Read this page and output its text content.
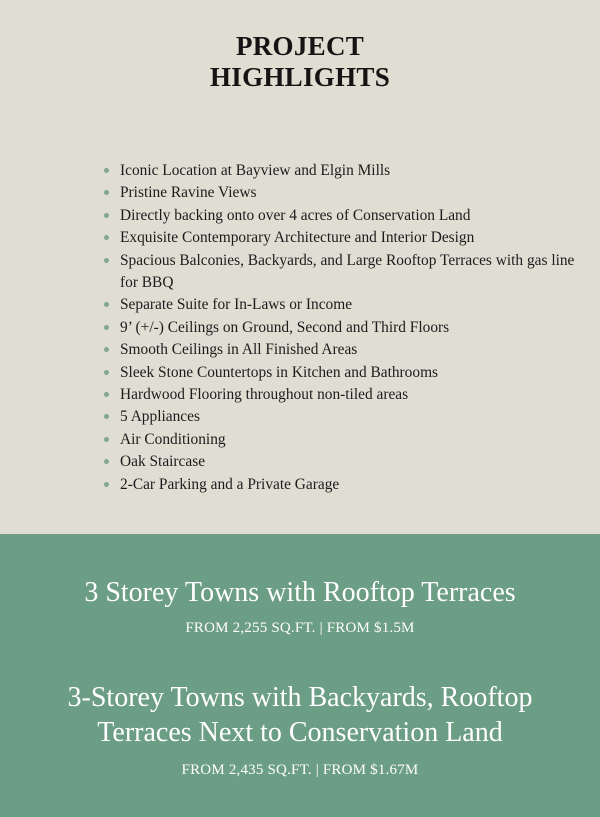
PROJECT
HIGHLIGHTS
Iconic Location at Bayview and Elgin Mills
Pristine Ravine Views
Directly backing onto over 4 acres of Conservation Land
Exquisite Contemporary Architecture and Interior Design
Spacious Balconies, Backyards, and Large Rooftop Terraces with gas line for BBQ
Separate Suite for In-Laws or Income
9’ (+/-) Ceilings on Ground, Second and Third Floors
Smooth Ceilings in All Finished Areas
Sleek Stone Countertops in Kitchen and Bathrooms
Hardwood Flooring throughout non-tiled areas
5 Appliances
Air Conditioning
Oak Staircase
2-Car Parking and a Private Garage
3 Storey Towns with Rooftop Terraces
FROM 2,255 SQ.FT. | FROM $1.5M
3-Storey Towns with Backyards, Rooftop
Terraces Next to Conservation Land
FROM 2,435 SQ.FT. | FROM $1.67M
